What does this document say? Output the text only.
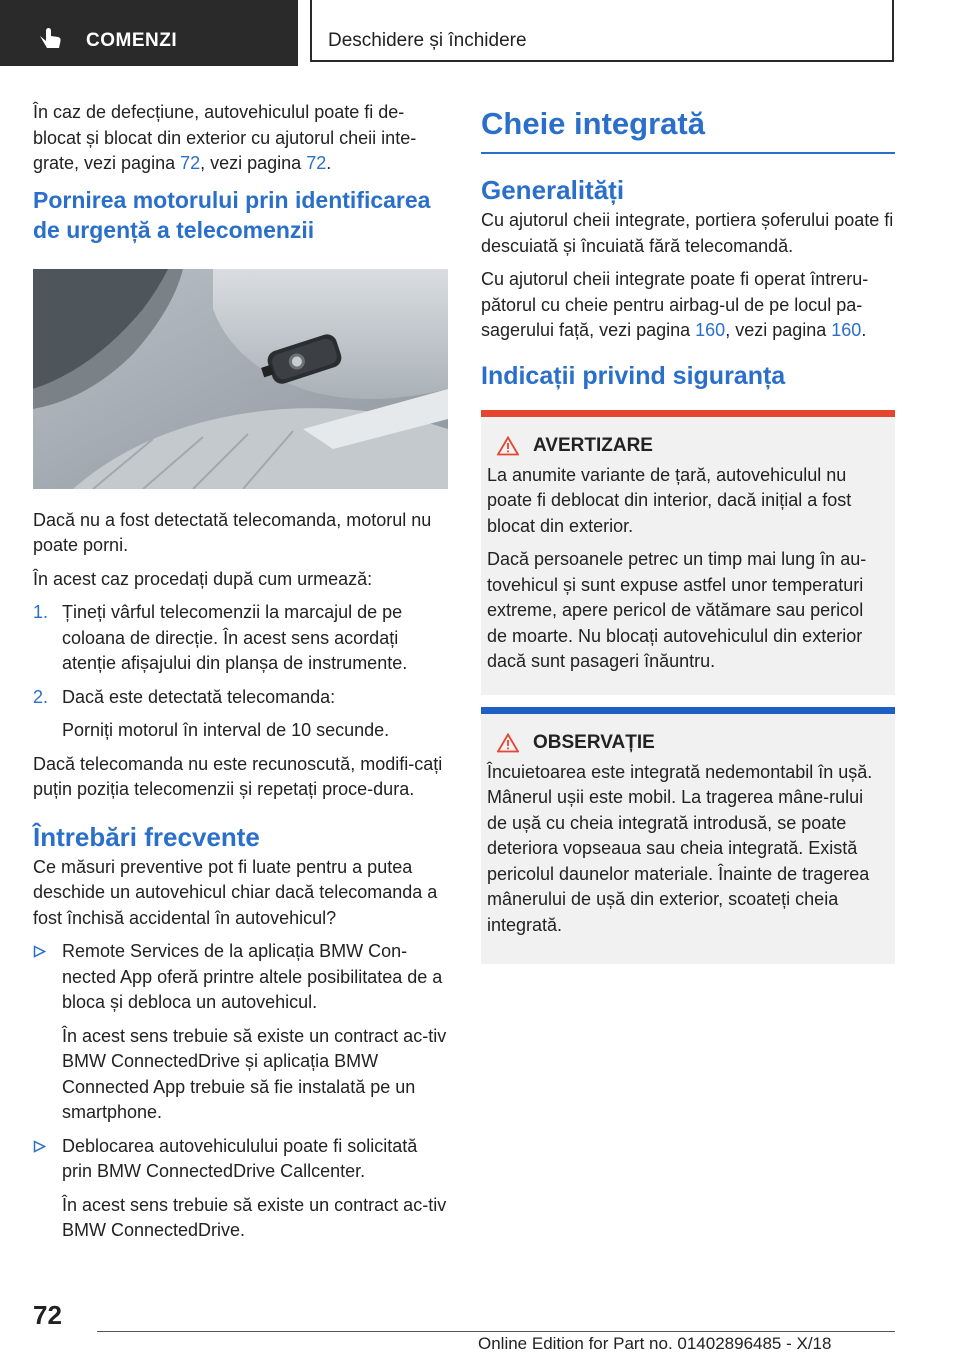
COMENZI	Deschidere și închidere

În caz de defecțiune, autovehiculul poate fi de-blocat și blocat din exterior cu ajutorul cheii inte-grate, vezi pagina 72, vezi pagina 72.

Pornirea motorului prin identificarea de urgență a telecomenzii

Dacă nu a fost detectată telecomanda, motorul nu poate porni.

În acest caz procedați după cum urmează:

1. Țineți vârful telecomenzii la marcajul de pe coloana de direcție. În acest sens acordați atenție afișajului din planșa de instrumente.

2. Dacă este detectată telecomanda:

Porniți motorul în interval de 10 secunde.

Dacă telecomanda nu este recunoscută, modifi-cați puțin poziția telecomenzii și repetați proce-dura.

Întrebări frecvente

Ce măsuri preventive pot fi luate pentru a putea deschide un autovehicul chiar dacă telecomanda a fost închisă accidental în autovehicul?

Remote Services de la aplicația BMW Con-nected App oferă printre altele posibilitatea de a bloca și debloca un autovehicul.

În acest sens trebuie să existe un contract ac-tiv BMW ConnectedDrive și aplicația BMW Connected App trebuie să fie instalată pe un smartphone.

Deblocarea autovehiculului poate fi solicitată prin BMW ConnectedDrive Callcenter.

În acest sens trebuie să existe un contract ac-tiv BMW ConnectedDrive.

Cheie integrată
Generalități

Cu ajutorul cheii integrate, portiera șoferului poate fi descuiată și încuiată fără telecomandă.

Cu ajutorul cheii integrate poate fi operat întreru-pătorul cu cheie pentru airbag-ul de pe locul pa-sagerului față, vezi pagina 160, vezi pagina 160.

Indicații privind siguranța
AVERTIZARE

La anumite variante de țară, autovehiculul nu poate fi deblocat din interior, dacă inițial a fost blocat din exterior.

Dacă persoanele petrec un timp mai lung în au-tovehicul și sunt expuse astfel unor temperaturi extreme, apere pericol de vătămare sau pericol de moarte. Nu blocați autovehiculul din exterior dacă sunt pasageri înăuntru.

OBSERVAȚIE

Încuietoarea este integrată nedemontabil în ușă. Mânerul ușii este mobil. La tragerea mâne-rului de ușă cu cheia integrată introdusă, se poate deteriora vopseaua sau cheia integrată. Există pericolul daunelor materiale. Înainte de tragerea mânerului de ușă din exterior, scoateți cheia integrată.

72
Online Edition for Part no. 01402896485 - X/18
